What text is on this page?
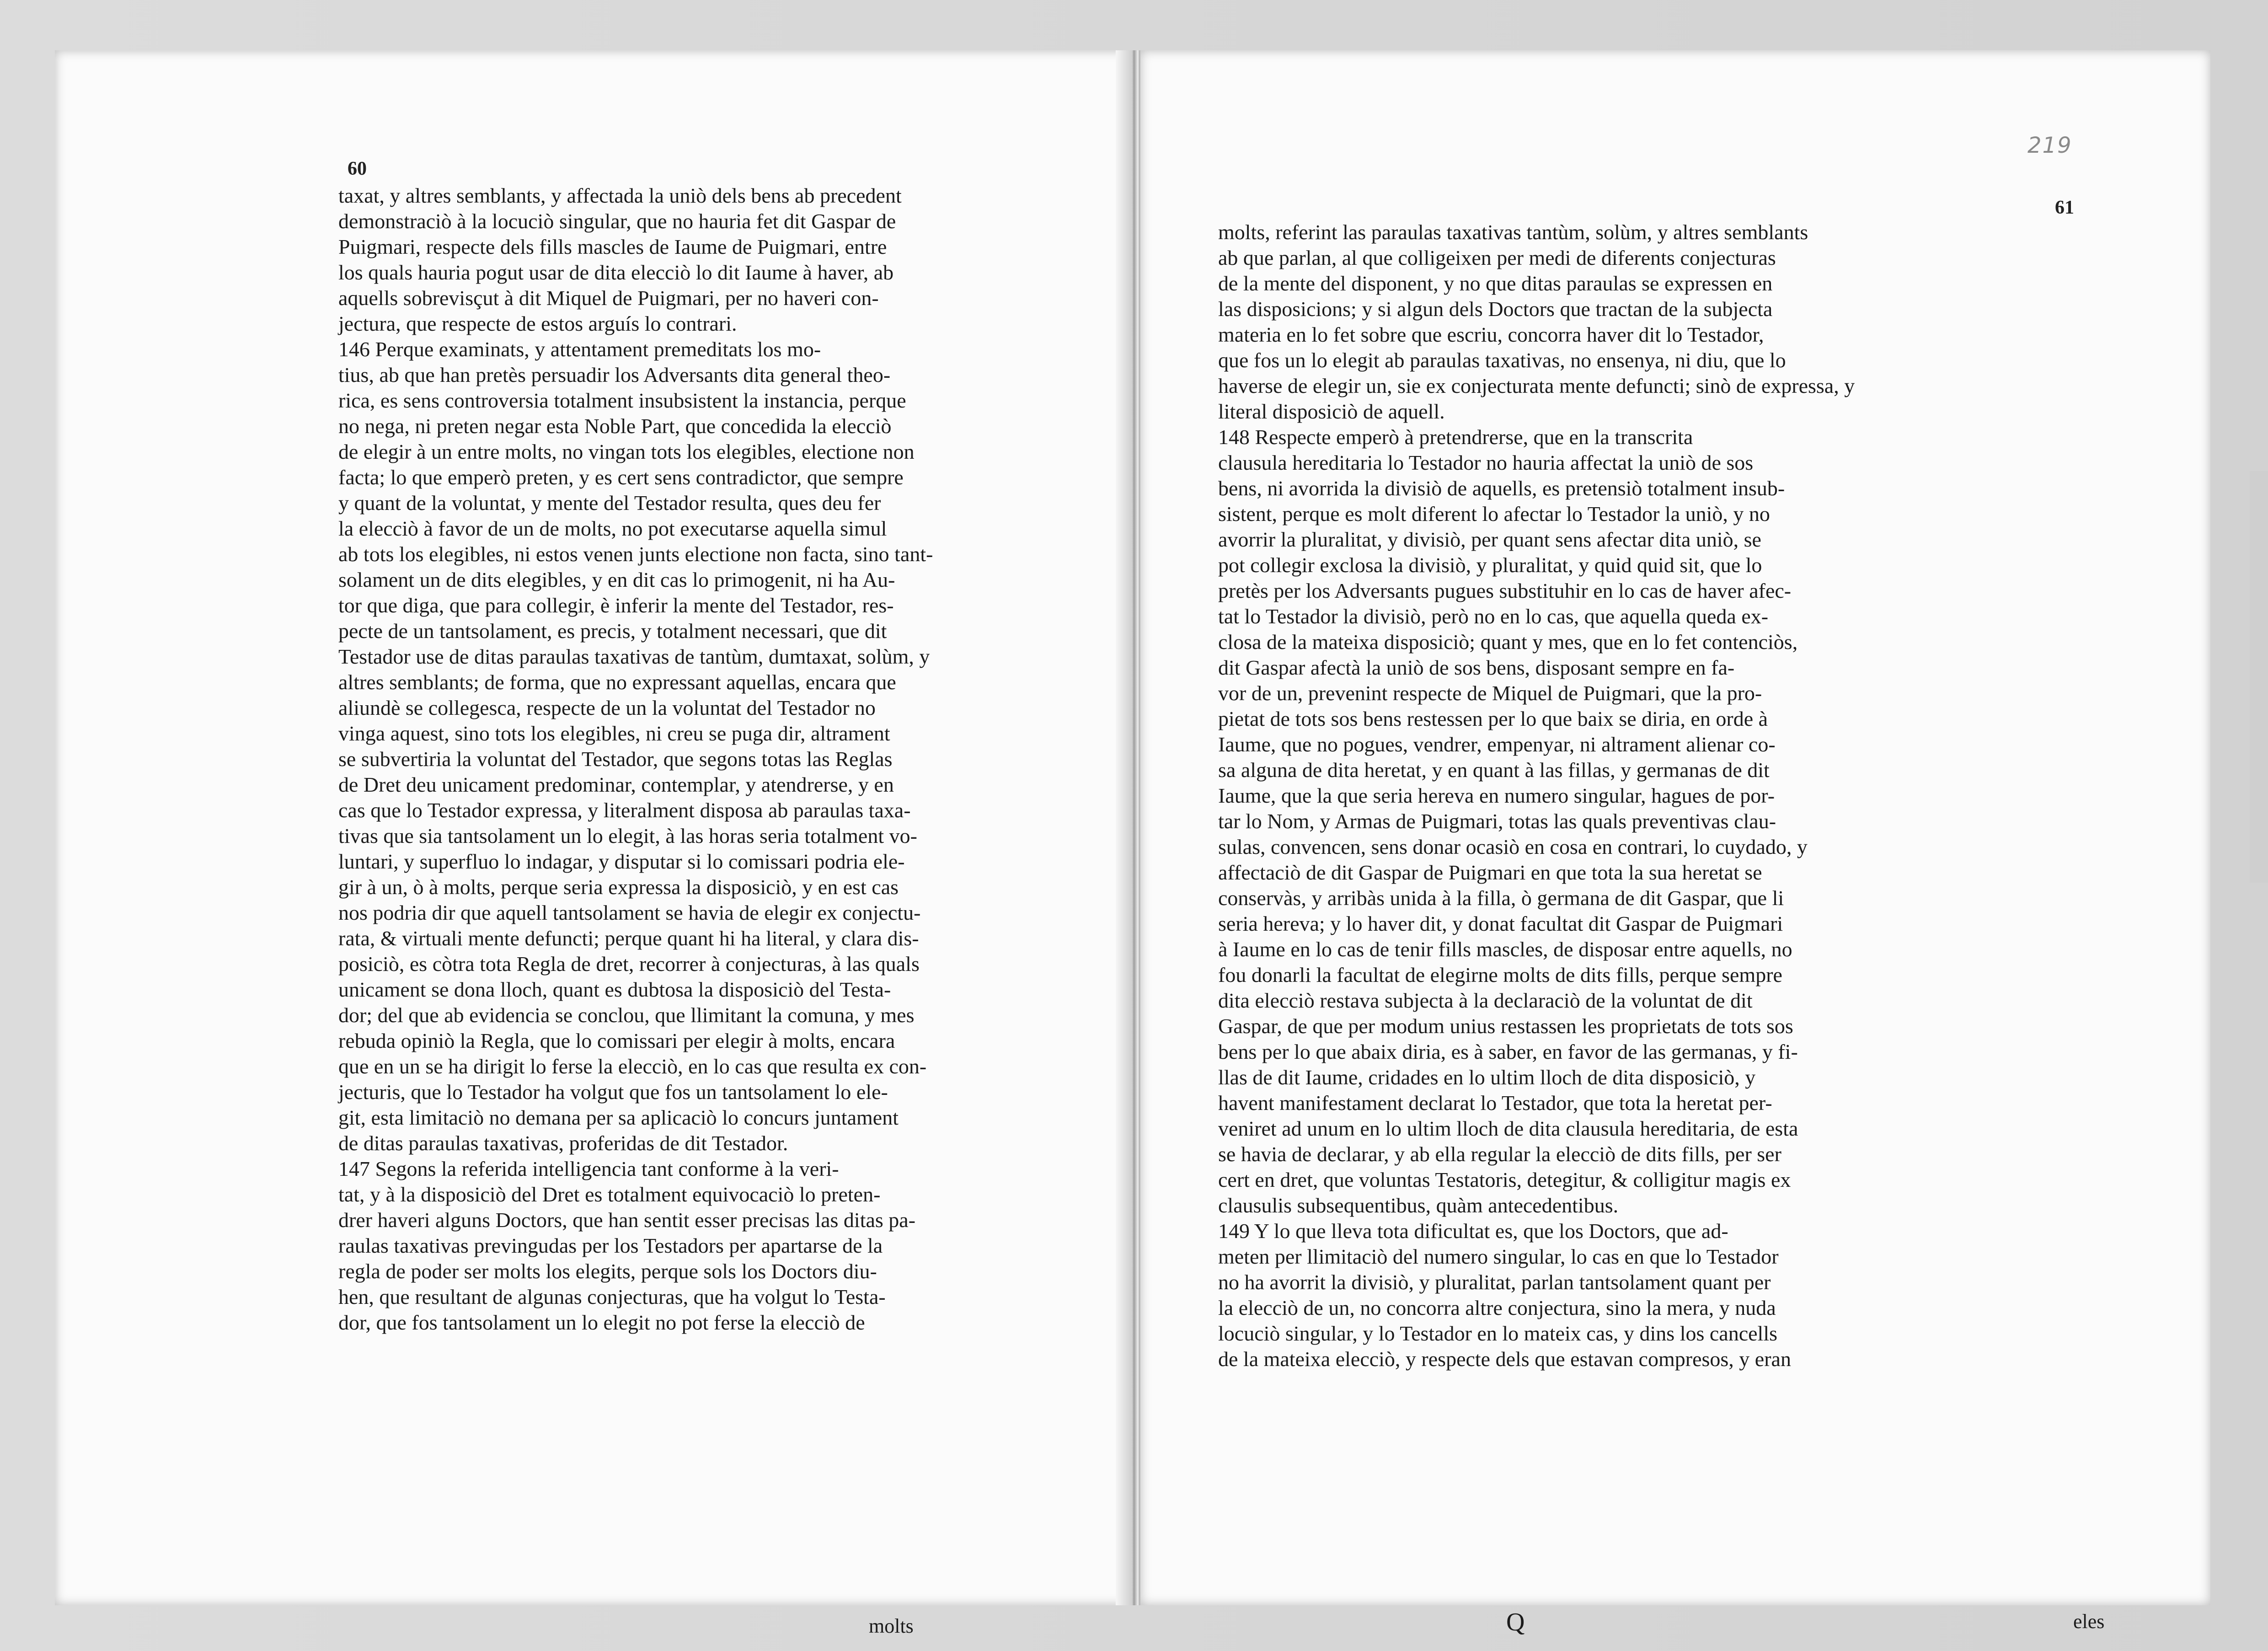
60
taxat, y altres semblants, y affectada la uniò dels bens ab precedent
demonstraciò à la locuciò singular, que no hauria fet dit Gaspar de
Puigmari, respecte dels fills mascles de Iaume de Puigmari, entre
los quals hauria pogut usar de dita elecciò lo dit Iaume à haver, ab
aquells sobrevisçut à dit Miquel de Puigmari, per no haveri con-
jectura, que respecte de estos arguís lo contrari.
146 Perque examinats, y attentament premeditats los mo-
tius, ab que han pretès persuadir los Adversants dita general theo-
rica, es sens controversia totalment insubsistent la instancia, perque
no nega, ni preten negar esta Noble Part, que concedida la elecciò
de elegir à un entre molts, no vingan tots los elegibles, electione non
facta; lo que emperò preten, y es cert sens contradictor, que sempre
y quant de la voluntat, y mente del Testador resulta, ques deu fer
la elecciò à favor de un de molts, no pot executarse aquella simul
ab tots los elegibles, ni estos venen junts electione non facta, sino tant-
solament un de dits elegibles, y en dit cas lo primogenit, ni ha Au-
tor que diga, que para collegir, è inferir la mente del Testador, res-
pecte de un tantsolament, es precis, y totalment necessari, que dit
Testador use de ditas paraulas taxativas de tantùm, dumtaxat, solùm, y
altres semblants; de forma, que no expressant aquellas, encara que
aliundè se collegesca, respecte de un la voluntat del Testador no
vinga aquest, sino tots los elegibles, ni creu se puga dir, altrament
se subvertiria la voluntat del Testador, que segons totas las Reglas
de Dret deu unicament predominar, contemplar, y atendrerse, y en
cas que lo Testador expressa, y literalment disposa ab paraulas taxa-
tivas que sia tantsolament un lo elegit, à las horas seria totalment vo-
luntari, y superfluo lo indagar, y disputar si lo comissari podria ele-
gir à un, ò à molts, perque seria expressa la disposiciò, y en est cas
nos podria dir que aquell tantsolament se havia de elegir ex conjectu-
rata, & virtuali mente defuncti; perque quant hi ha literal, y clara dis-
posiciò, es còtra tota Regla de dret, recorrer à conjecturas, à las quals
unicament se dona lloch, quant es dubtosa la disposiciò del Testa-
dor; del que ab evidencia se conclou, que llimitant la comuna, y mes
rebuda opiniò la Regla, que lo comissari per elegir à molts, encara
que en un se ha dirigit lo ferse la elecciò, en lo cas que resulta ex con-
jecturis, que lo Testador ha volgut que fos un tantsolament lo ele-
git, esta limitaciò no demana per sa aplicaciò lo concurs juntament
de ditas paraulas taxativas, proferidas de dit Testador.
147 Segons la referida intelligencia tant conforme à la veri-
tat, y à la disposiciò del Dret es totalment equivocaciò lo preten-
drer haveri alguns Doctors, que han sentit esser precisas las ditas pa-
raulas taxativas previngudas per los Testadors per apartarse de la
regla de poder ser molts los elegits, perque sols los Doctors diu-
hen, que resultant de algunas conjecturas, que ha volgut lo Testa-
dor, que fos tantsolament un lo elegit no pot ferse la elecciò de
molts
219
61
molts, referint las paraulas taxativas tantùm, solùm, y altres semblants
ab que parlan, al que colligeixen per medi de diferents conjecturas
de la mente del disponent, y no que ditas paraulas se expressen en
las disposicions; y si algun dels Doctors que tractan de la subjecta
materia en lo fet sobre que escriu, concorra haver dit lo Testador,
que fos un lo elegit ab paraulas taxativas, no ensenya, ni diu, que lo
haverse de elegir un, sie ex conjecturata mente defuncti; sinò de expressa, y
literal disposiciò de aquell.
148 Respecte emperò à pretendrerse, que en la transcrita
clausula hereditaria lo Testador no hauria affectat la uniò de sos
bens, ni avorrida la divisiò de aquells, es pretensiò totalment insub-
sistent, perque es molt diferent lo afectar lo Testador la uniò, y no
avorrir la pluralitat, y divisiò, per quant sens afectar dita uniò, se
pot collegir exclosa la divisiò, y pluralitat, y quid quid sit, que lo
pretès per los Adversants pugues substituhir en lo cas de haver afec-
tat lo Testador la divisiò, però no en lo cas, que aquella queda ex-
closa de la mateixa disposiciò; quant y mes, que en lo fet contenciòs,
dit Gaspar afectà la uniò de sos bens, disposant sempre en fa-
vor de un, prevenint respecte de Miquel de Puigmari, que la pro-
pietat de tots sos bens restessen per lo que baix se diria, en orde à
Iaume, que no pogues, vendrer, empenyar, ni altrament alienar co-
sa alguna de dita heretat, y en quant à las fillas, y germanas de dit
Iaume, que la que seria hereva en numero singular, hagues de por-
tar lo Nom, y Armas de Puigmari, totas las quals preventivas clau-
sulas, convencen, sens donar ocasiò en cosa en contrari, lo cuydado, y
affectaciò de dit Gaspar de Puigmari en que tota la sua heretat se
conservàs, y arribàs unida à la filla, ò germana de dit Gaspar, que li
seria hereva; y lo haver dit, y donat facultat dit Gaspar de Puigmari
à Iaume en lo cas de tenir fills mascles, de disposar entre aquells, no
fou donarli la facultat de elegirne molts de dits fills, perque sempre
dita elecciò restava subjecta à la declaraciò de la voluntat de dit
Gaspar, de que per modum unius restassen les proprietats de tots sos
bens per lo que abaix diria, es à saber, en favor de las germanas, y fi-
llas de dit Iaume, cridades en lo ultim lloch de dita disposiciò, y
havent manifestament declarat lo Testador, que tota la heretat per-
veniret ad unum en lo ultim lloch de dita clausula hereditaria, de esta
se havia de declarar, y ab ella regular la elecciò de dits fills, per ser
cert en dret, que voluntas Testatoris, detegitur, & colligitur magis ex
clausulis subsequentibus, quàm antecedentibus.
149 Y lo que lleva tota dificultat es, que los Doctors, que ad-
meten per llimitaciò del numero singular, lo cas en que lo Testador
no ha avorrit la divisiò, y pluralitat, parlan tantsolament quant per
la elecciò de un, no concorra altre conjectura, sino la mera, y nuda
locuciò singular, y lo Testador en lo mateix cas, y dins los cancells
de la mateixa elecciò, y respecte dels que estavan compresos, y eran
Q	eles
